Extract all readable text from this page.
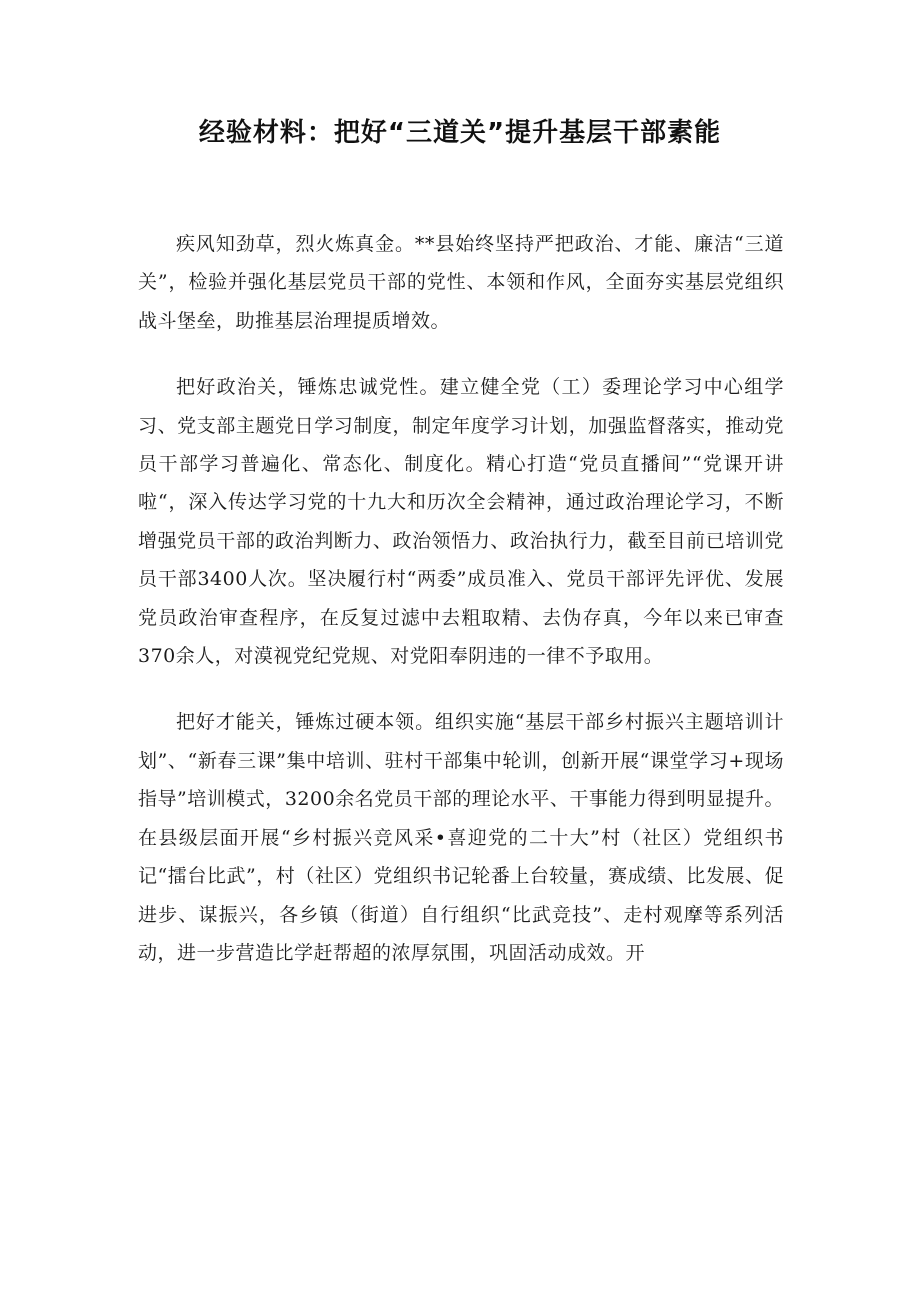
经验材料：把好“三道关”提升基层干部素能

疾风知劲草，烈火炼真金。**县始终坚持严把政治、才能、廉洁“三道关”，检验并强化基层党员干部的党性、本领和作风，全面夯实基层党组织战斗堡垒，助推基层治理提质增效。

把好政治关，锤炼忠诚党性。建立健全党（工）委理论学习中心组学习、党支部主题党日学习制度，制定年度学习计划，加强监督落实，推动党员干部学习普遍化、常态化、制度化。精心打造“党员直播间”“党课开讲啦“，深入传达学习党的十九大和历次全会精神，通过政治理论学习，不断增强党员干部的政治判断力、政治领悟力、政治执行力，截至目前已培训党员干部3400人次。坚决履行村“两委”成员准入、党员干部评先评优、发展党员政治审查程序，在反复过滤中去粗取精、去伪存真，今年以来已审查370余人，对漠视党纪党规、对党阳奉阴违的一律不予取用。

把好才能关，锤炼过硬本领。组织实施“基层干部乡村振兴主题培训计划”、“新春三课”集中培训、驻村干部集中轮训，创新开展“课堂学习+现场指导”培训模式，3200余名党员干部的理论水平、干事能力得到明显提升。在县级层面开展“乡村振兴竞风采•喜迎党的二十大”村（社区）党组织书记“擂台比武”，村（社区）党组织书记轮番上台较量，赛成绩、比发展、促进步、谋振兴，各乡镇（街道）自行组织“比武竞技”、走村观摩等系列活动，进一步营造比学赶帮超的浓厚氛围，巩固活动成效。开
